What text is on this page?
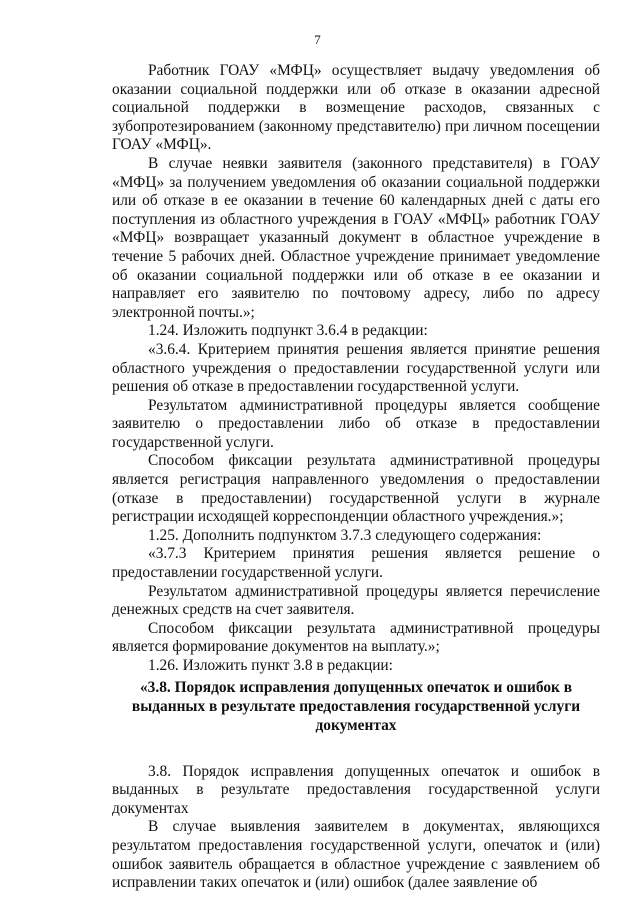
7

Работник ГОАУ «МФЦ» осуществляет выдачу уведомления об оказании социальной поддержки или об отказе в оказании адресной социальной поддержки в возмещение расходов, связанных с зубопротезированием (законному представителю) при личном посещении ГОАУ «МФЦ».

В случае неявки заявителя (законного представителя) в ГОАУ «МФЦ» за получением уведомления об оказании социальной поддержки или об отказе в ее оказании в течение 60 календарных дней с даты его поступления из областного учреждения в ГОАУ «МФЦ» работник ГОАУ «МФЦ» возвращает указанный документ в областное учреждение в течение 5 рабочих дней. Областное учреждение принимает уведомление об оказании социальной поддержки или об отказе в ее оказании и направляет его заявителю по почтовому адресу, либо по адресу электронной почты.»;

1.24. Изложить подпункт 3.6.4 в редакции:

«3.6.4. Критерием принятия решения является принятие решения областного учреждения о предоставлении государственной услуги или решения об отказе в предоставлении государственной услуги.

Результатом административной процедуры является сообщение заявителю о предоставлении либо об отказе в предоставлении государственной услуги.

Способом фиксации результата административной процедуры является регистрация направленного уведомления о предоставлении (отказе в предоставлении) государственной услуги в журнале регистрации исходящей корреспонденции областного учреждения.»;

1.25. Дополнить подпунктом 3.7.3 следующего содержания:

«3.7.3 Критерием принятия решения является решение о предоставлении государственной услуги.

Результатом административной процедуры является перечисление денежных средств на счет заявителя.

Способом фиксации результата административной процедуры является формирование документов на выплату.»;

1.26. Изложить пункт 3.8 в редакции:

«3.8. Порядок исправления допущенных опечаток и ошибок в выданных в результате предоставления государственной услуги документах

3.8. Порядок исправления допущенных опечаток и ошибок в выданных в результате предоставления государственной услуги документах

В случае выявления заявителем в документах, являющихся результатом предоставления государственной услуги, опечаток и (или) ошибок заявитель обращается в областное учреждение с заявлением об исправлении таких опечаток и (или) ошибок (далее заявление об
